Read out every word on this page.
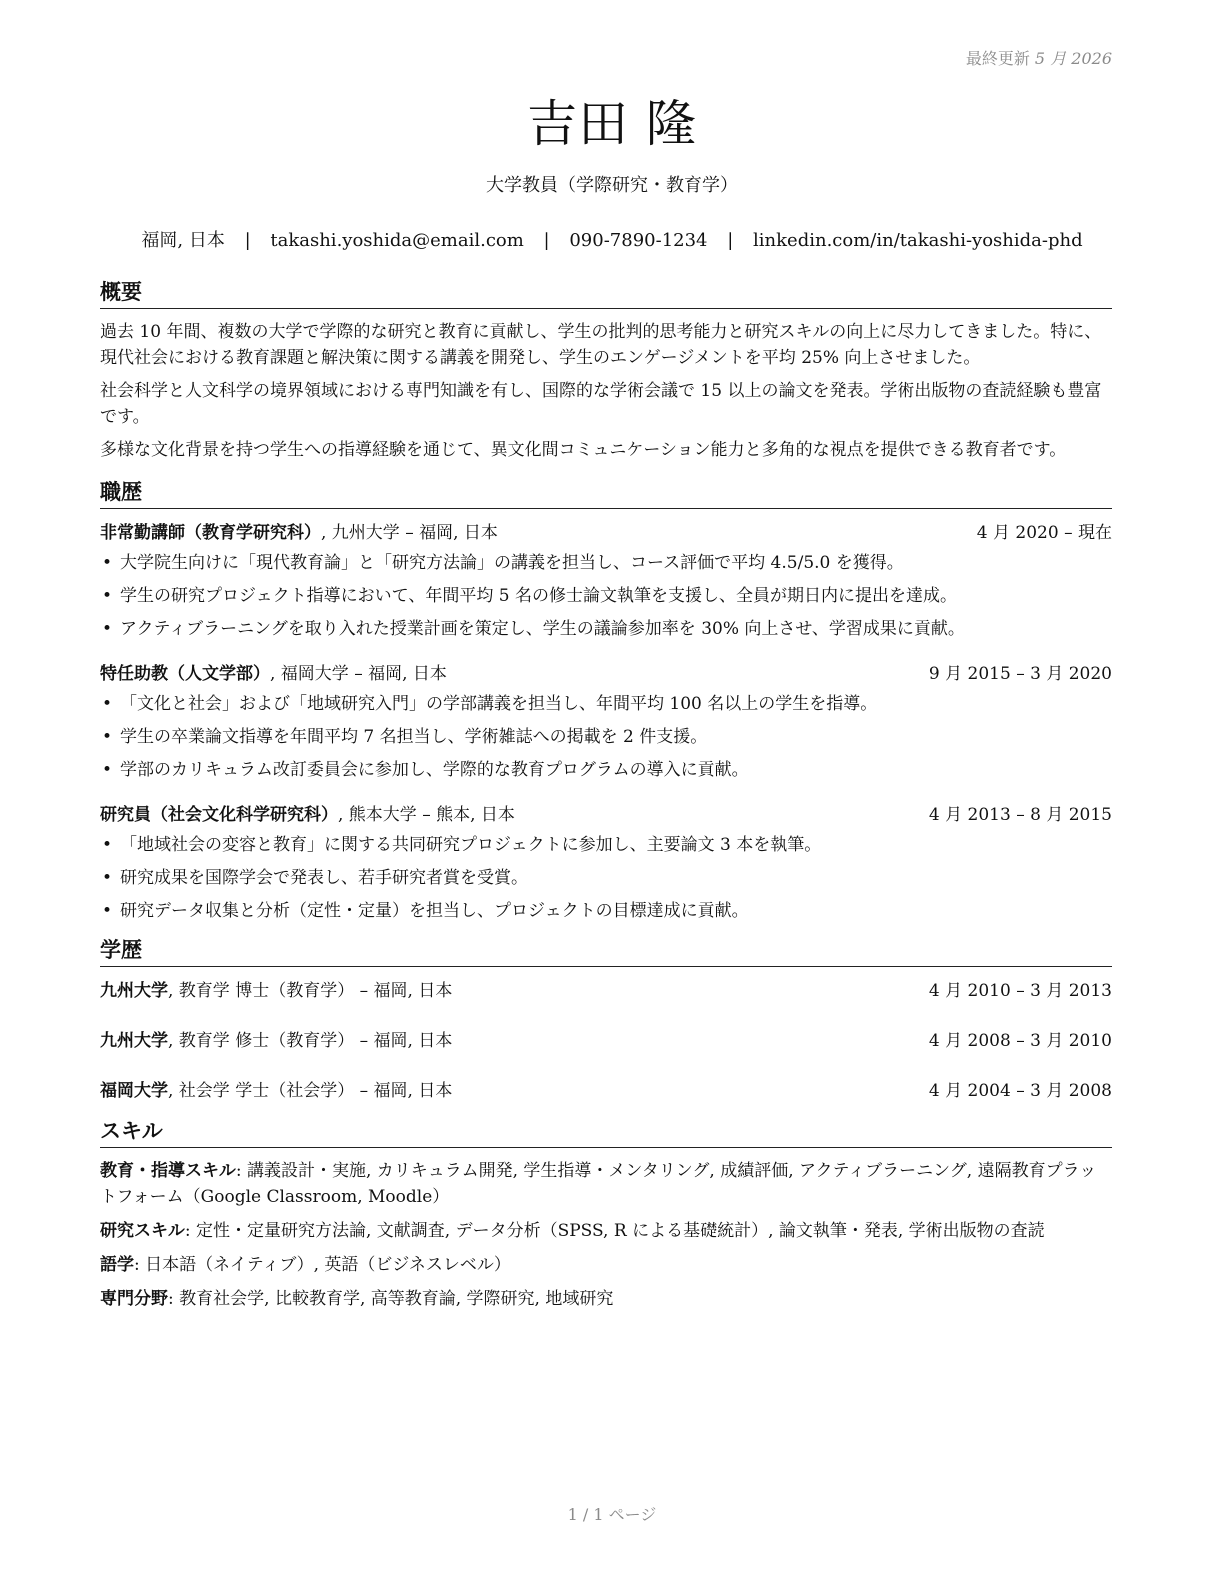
最終更新 5 月 2026
吉田 隆
大学教員（学際研究・教育学）
福岡, 日本 | takashi.yoshida@email.com | 090-7890-1234 | linkedin.com/in/takashi-yoshida-phd
概要

過去 10 年間、複数の大学で学際的な研究と教育に貢献し、学生の批判的思考能力と研究スキルの向上に尽力してきました。特に、現代社会における教育課題と解決策に関する講義を開発し、学生のエンゲージメントを平均 25% 向上させました。

社会科学と人文科学の境界領域における専門知識を有し、国際的な学術会議で 15 以上の論文を発表。学術出版物の査読経験も豊富です。

多様な文化背景を持つ学生への指導経験を通じて、異文化間コミュニケーション能力と多角的な視点を提供できる教育者です。

職歴
非常勤講師（教育学研究科）, 九州大学 – 福岡, 日本	4 月 2020 – 現在
• 大学院生向けに「現代教育論」と「研究方法論」の講義を担当し、コース評価で平均 4.5/5.0 を獲得。
• 学生の研究プロジェクト指導において、年間平均 5 名の修士論文執筆を支援し、全員が期日内に提出を達成。
• アクティブラーニングを取り入れた授業計画を策定し、学生の議論参加率を 30% 向上させ、学習成果に貢献。
特任助教（人文学部）, 福岡大学 – 福岡, 日本	9 月 2015 – 3 月 2020
• 「文化と社会」および「地域研究入門」の学部講義を担当し、年間平均 100 名以上の学生を指導。
• 学生の卒業論文指導を年間平均 7 名担当し、学術雑誌への掲載を 2 件支援。
• 学部のカリキュラム改訂委員会に参加し、学際的な教育プログラムの導入に貢献。
研究員（社会文化科学研究科）, 熊本大学 – 熊本, 日本	4 月 2013 – 8 月 2015
• 「地域社会の変容と教育」に関する共同研究プロジェクトに参加し、主要論文 3 本を執筆。
• 研究成果を国際学会で発表し、若手研究者賞を受賞。
• 研究データ収集と分析（定性・定量）を担当し、プロジェクトの目標達成に貢献。
学歴
九州大学, 教育学 博士（教育学） – 福岡, 日本	4 月 2010 – 3 月 2013
九州大学, 教育学 修士（教育学） – 福岡, 日本	4 月 2008 – 3 月 2010
福岡大学, 社会学 学士（社会学） – 福岡, 日本	4 月 2004 – 3 月 2008
スキル

教育・指導スキル: 講義設計・実施, カリキュラム開発, 学生指導・メンタリング, 成績評価, アクティブラーニング, 遠隔教育プラットフォーム（Google Classroom, Moodle）

研究スキル: 定性・定量研究方法論, 文献調査, データ分析（SPSS, R による基礎統計）, 論文執筆・発表, 学術出版物の査読

語学: 日本語（ネイティブ）, 英語（ビジネスレベル）

専門分野: 教育社会学, 比較教育学, 高等教育論, 学際研究, 地域研究

1 / 1 ページ
